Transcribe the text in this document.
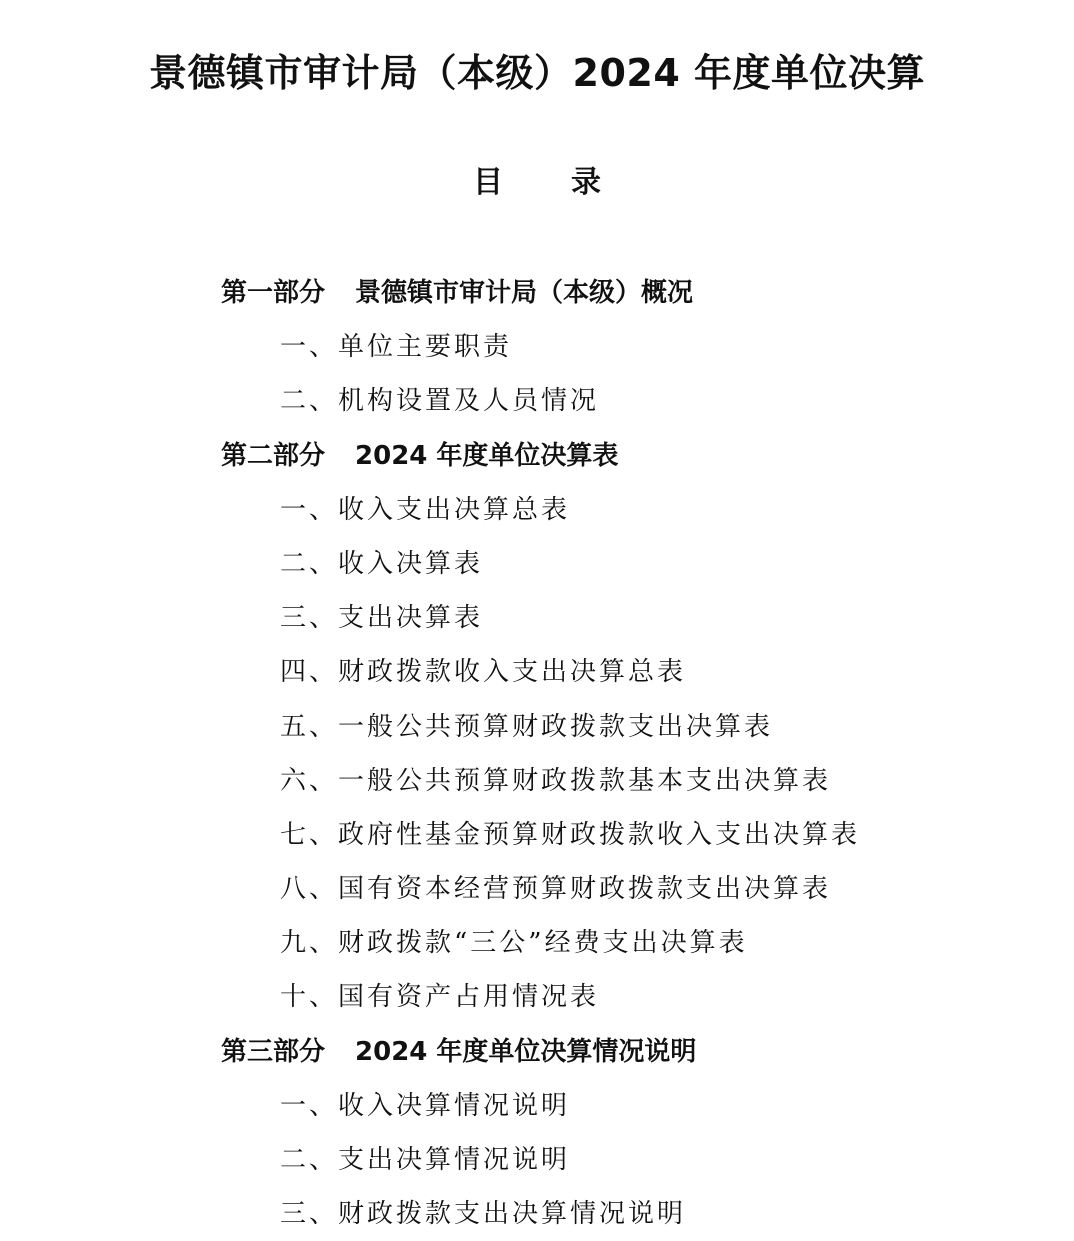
景德镇市审计局（本级）2024 年度单位决算
目 录
第一部分 景德镇市审计局（本级）概况
一、单位主要职责
二、机构设置及人员情况
第二部分 2024 年度单位决算表
一、收入支出决算总表
二、收入决算表
三、支出决算表
四、财政拨款收入支出决算总表
五、一般公共预算财政拨款支出决算表
六、一般公共预算财政拨款基本支出决算表
七、政府性基金预算财政拨款收入支出决算表
八、国有资本经营预算财政拨款支出决算表
九、财政拨款“三公”经费支出决算表
十、国有资产占用情况表
第三部分 2024 年度单位决算情况说明
一、收入决算情况说明
二、支出决算情况说明
三、财政拨款支出决算情况说明
